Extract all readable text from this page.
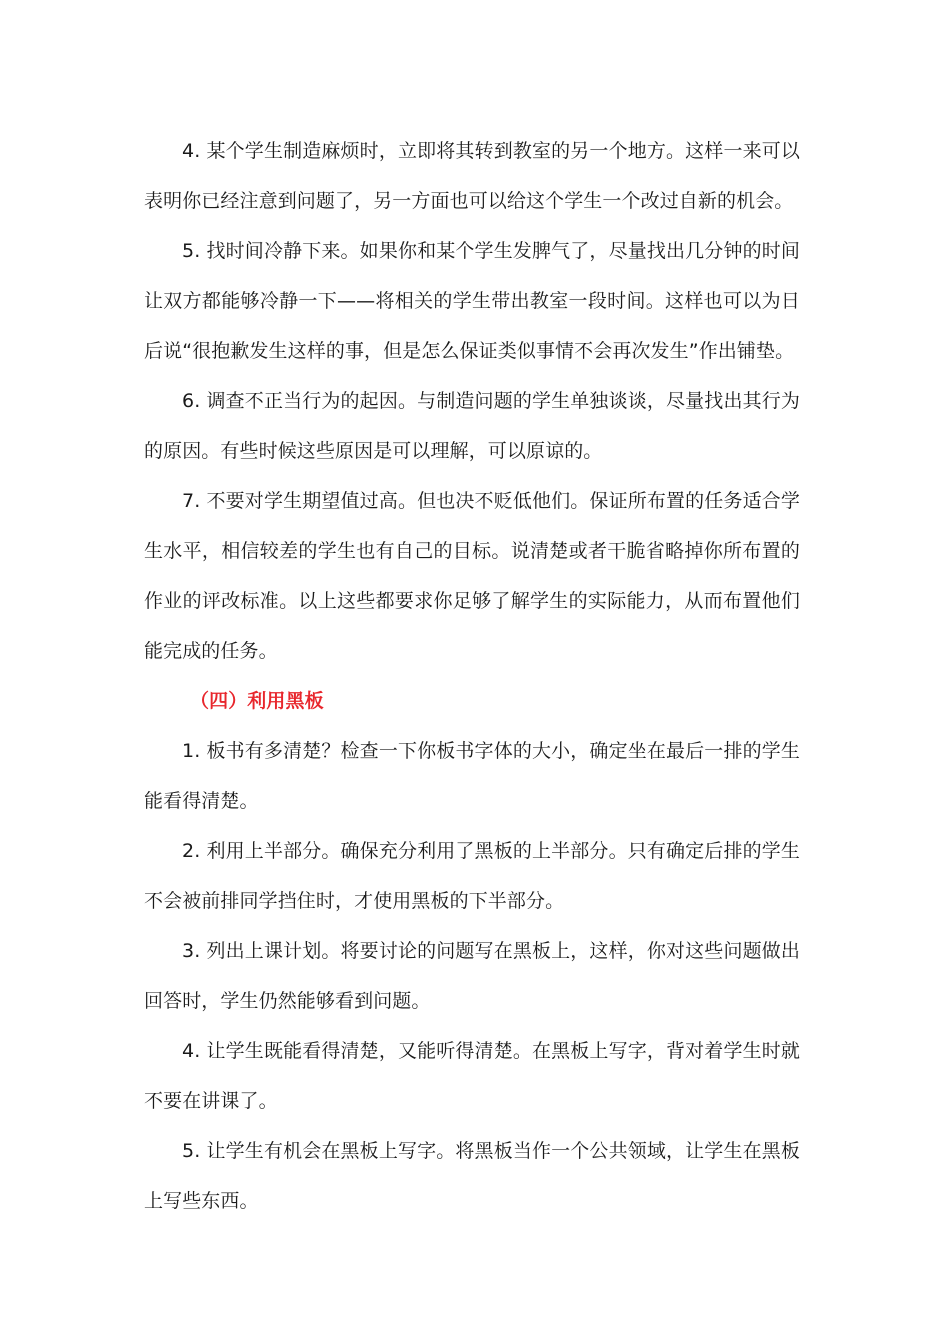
4. 某个学生制造麻烦时，立即将其转到教室的另一个地方。这样一来可以表明你已经注意到问题了，另一方面也可以给这个学生一个改过自新的机会。

5. 找时间冷静下来。如果你和某个学生发脾气了，尽量找出几分钟的时间让双方都能够冷静一下——将相关的学生带出教室一段时间。这样也可以为日后说“很抱歉发生这样的事，但是怎么保证类似事情不会再次发生”作出铺垫。

6. 调查不正当行为的起因。与制造问题的学生单独谈谈，尽量找出其行为的原因。有些时候这些原因是可以理解，可以原谅的。

7. 不要对学生期望值过高。但也决不贬低他们。保证所布置的任务适合学生水平，相信较差的学生也有自己的目标。说清楚或者干脆省略掉你所布置的作业的评改标准。以上这些都要求你足够了解学生的实际能力，从而布置他们能完成的任务。

（四）利用黑板

1. 板书有多清楚？检查一下你板书字体的大小，确定坐在最后一排的学生能看得清楚。

2. 利用上半部分。确保充分利用了黑板的上半部分。只有确定后排的学生不会被前排同学挡住时，才使用黑板的下半部分。

3. 列出上课计划。将要讨论的问题写在黑板上，这样，你对这些问题做出回答时，学生仍然能够看到问题。

4. 让学生既能看得清楚，又能听得清楚。在黑板上写字，背对着学生时就不要在讲课了。

5. 让学生有机会在黑板上写字。将黑板当作一个公共领域，让学生在黑板上写些东西。
